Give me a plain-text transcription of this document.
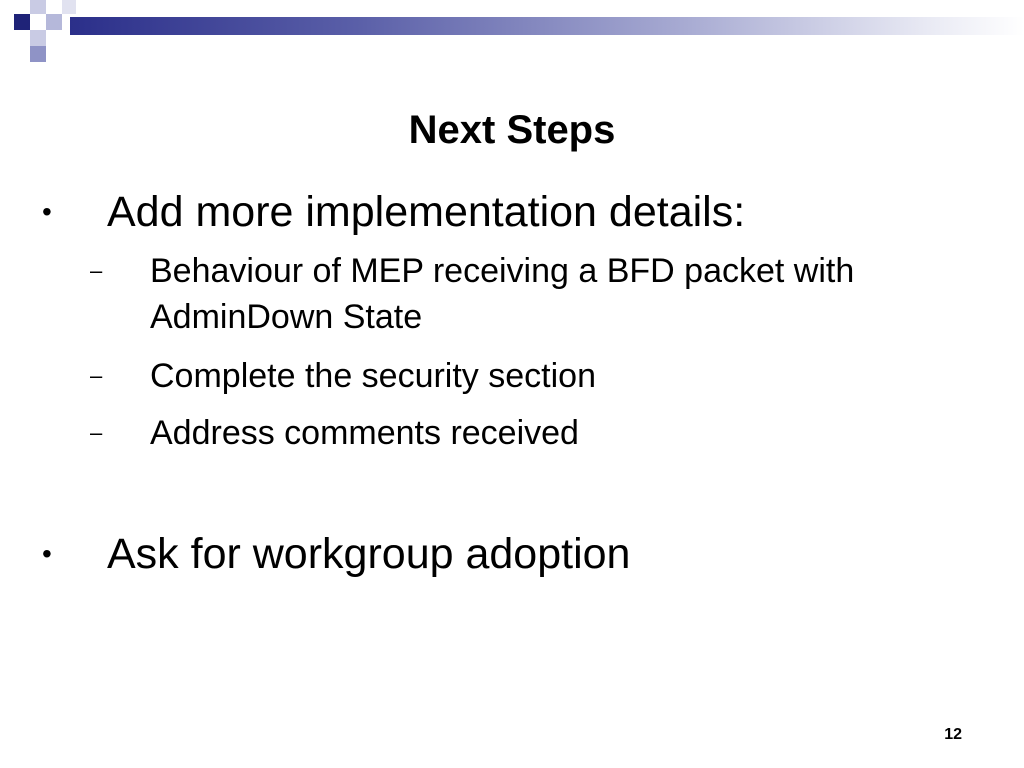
Next Steps
• Add more implementation details:
– Behaviour of MEP receiving a BFD packet with AdminDown State
– Complete the security section
– Address comments received
• Ask for workgroup adoption
12
